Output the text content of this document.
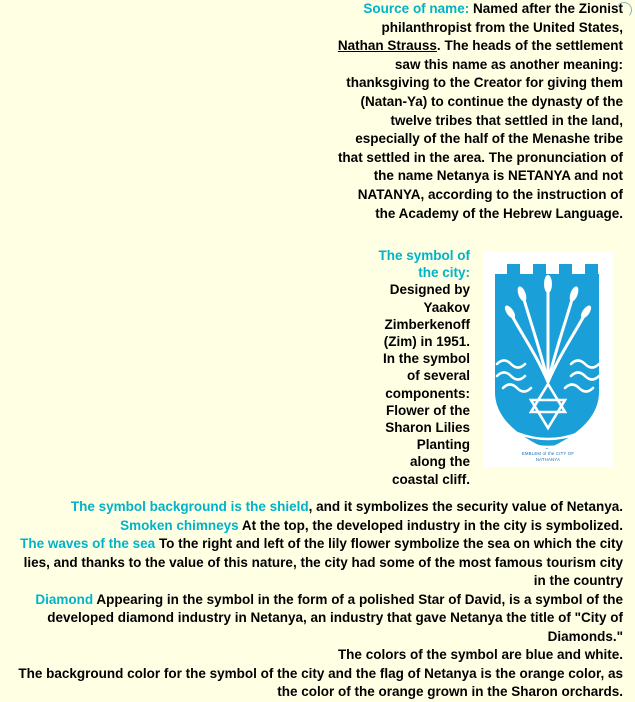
Source of name: Named after the Zionist philanthropist from the United States, Nathan Strauss. The heads of the settlement saw this name as another meaning: thanksgiving to the Creator for giving them (Natan-Ya) to continue the dynasty of the twelve tribes that settled in the land, especially of the half of the Menashe tribe that settled in the area. The pronunciation of the name Netanya is NETANYA and not NATANYA, according to the instruction of the Academy of the Hebrew Language.
The symbol of the city: Designed by Yaakov Zimberkenoff (Zim) in 1951. In the symbol of several components: Flower of the Sharon Lilies Planting along the coastal cliff.
EMBLEM of the CITY OF
NATHANYA

The symbol background is the shield, and it symbolizes the security value of Netanya.

Smoken chimneys At the top, the developed industry in the city is symbolized.

The waves of the sea To the right and left of the lily flower symbolize the sea on which the city lies, and thanks to the value of this nature, the city had some of the most famous tourism city in the country

Diamond Appearing in the symbol in the form of a polished Star of David, is a symbol of the developed diamond industry in Netanya, an industry that gave Netanya the title of "City of Diamonds."

The colors of the symbol are blue and white.

The background color for the symbol of the city and the flag of Netanya is the orange color, as the color of the orange grown in the Sharon orchards.
